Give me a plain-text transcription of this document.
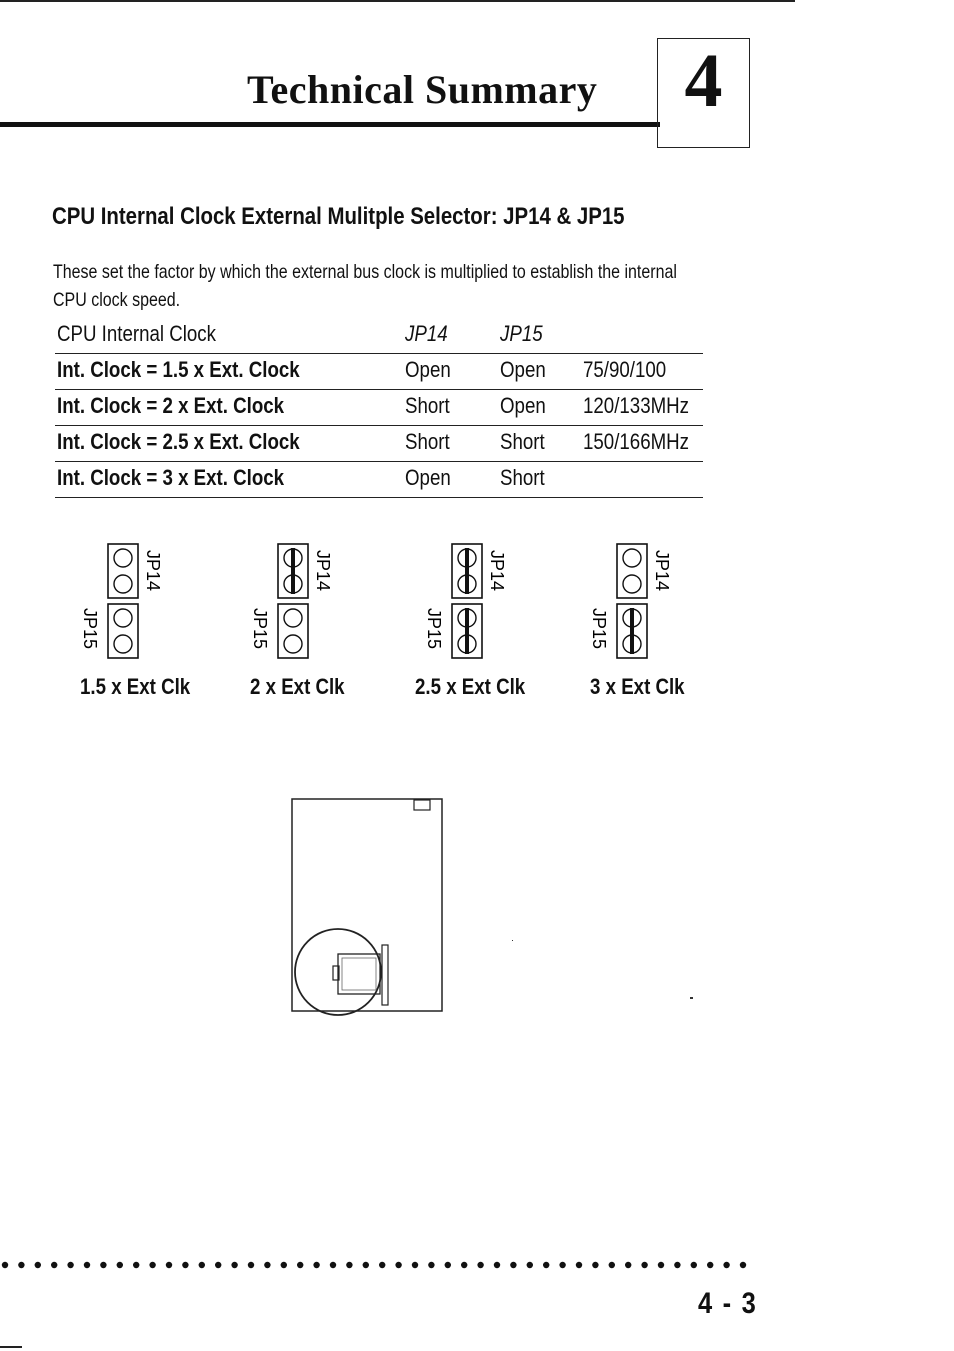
Technical Summary	4
CPU Internal Clock External Mulitple Selector: JP14 & JP15

These set the factor by which the external bus clock is multiplied to establish the internal CPU clock speed.

CPU Internal Clock	JP14 JP15
Int. Clock = 1.5 x Ext. Clock	Open Open 75/90/100
Int. Clock = 2 x Ext. Clock	Short Open 120/133MHz
Int. Clock = 2.5 x Ext. Clock	Short Short 150/166MHz
Int. Clock = 3 x Ext. Clock	Open Short
JP14
JP15
1.5 x Ext Clk
JP14
JP15
2 x Ext Clk
JP14
JP15
2.5 x Ext Clk
JP14
JP15
3 x Ext Clk
4 - 3
